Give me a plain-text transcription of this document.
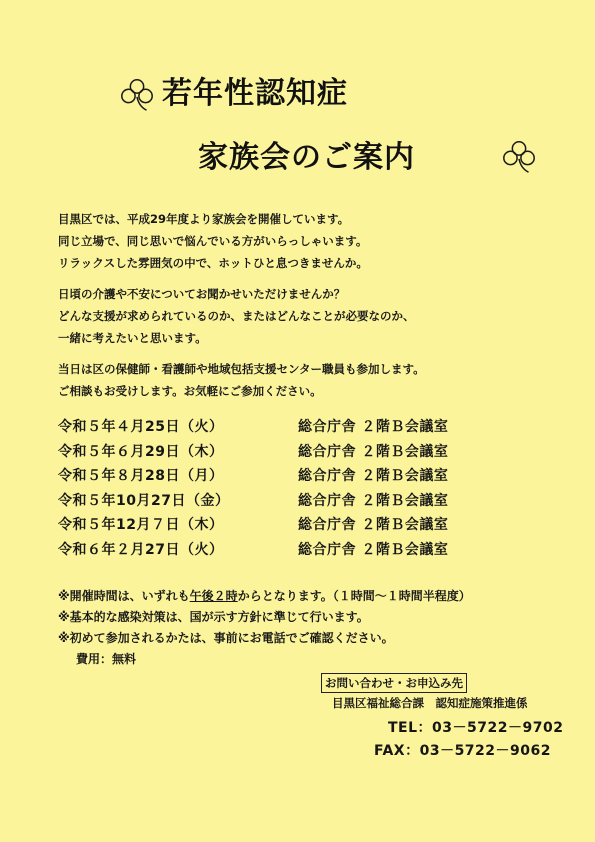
若年性認知症
家族会のご案内
目黒区では、平成29年度より家族会を開催しています。
同じ立場で、同じ思いで悩んでいる方がいらっしゃいます。
リラックスした雰囲気の中で、ホットひと息つきませんか。
日頃の介護や不安についてお聞かせいただけませんか？
どんな支援が求められているのか、またはどんなことが必要なのか、
一緒に考えたいと思います。
当日は区の保健師・看護師や地域包括支援センター職員も参加します。
ご相談もお受けします。お気軽にご参加ください。
令和５年４月25日（火）	総合庁舎 ２階Ｂ会議室
令和５年６月29日（木）	総合庁舎 ２階Ｂ会議室
令和５年８月28日（月）	総合庁舎 ２階Ｂ会議室
令和５年10月27日（金）	総合庁舎 ２階Ｂ会議室
令和５年12月７日（木）	総合庁舎 ２階Ｂ会議室
令和６年２月27日（火）	総合庁舎 ２階Ｂ会議室
※開催時間は、いずれも午後２時からとなります。（１時間～１時間半程度）
※基本的な感染対策は、国が示す方針に準じて行います。
※初めて参加されるかたは、事前にお電話でご確認ください。
費用：無料
お問い合わせ・お申込み先
目黒区福祉総合課　認知症施策推進係
TEL：03－5722－9702
FAX：03－5722－9062
